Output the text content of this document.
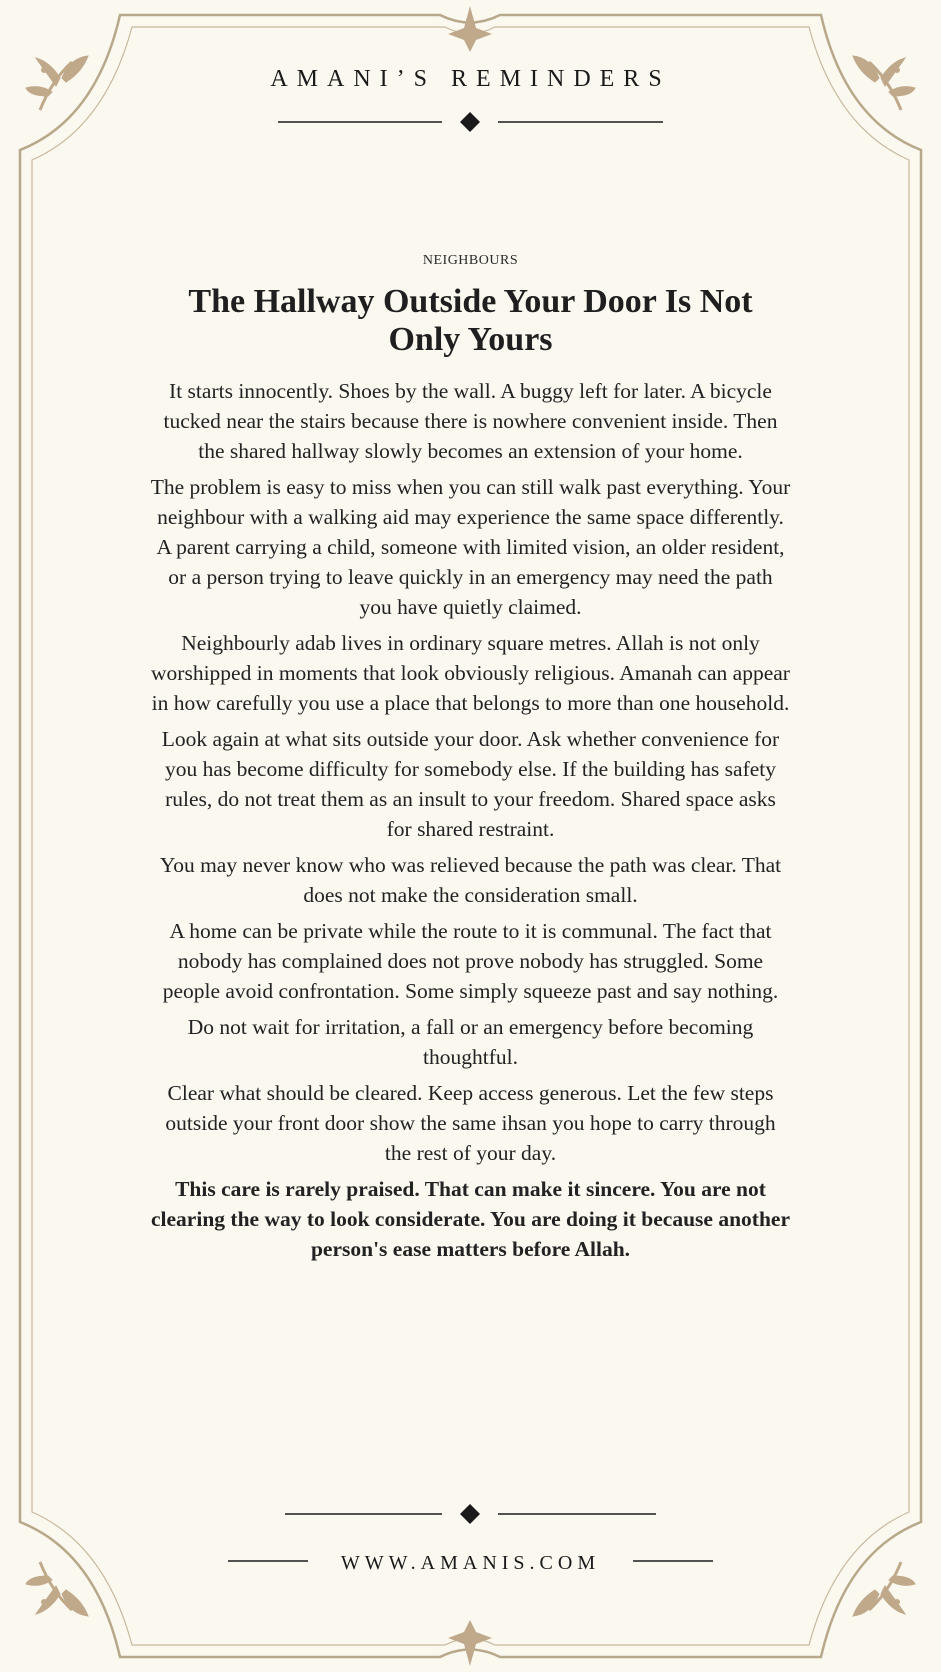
AMANI’S REMINDERS
NEIGHBOURS
The Hallway Outside Your Door Is Not Only Yours

It starts innocently. Shoes by the wall. A buggy left for later. A bicycle tucked near the stairs because there is nowhere convenient inside. Then the shared hallway slowly becomes an extension of your home.

The problem is easy to miss when you can still walk past everything. Your neighbour with a walking aid may experience the same space differently. A parent carrying a child, someone with limited vision, an older resident, or a person trying to leave quickly in an emergency may need the path you have quietly claimed.

Neighbourly adab lives in ordinary square metres. Allah is not only worshipped in moments that look obviously religious. Amanah can appear in how carefully you use a place that belongs to more than one household.

Look again at what sits outside your door. Ask whether convenience for you has become difficulty for somebody else. If the building has safety rules, do not treat them as an insult to your freedom. Shared space asks for shared restraint.

You may never know who was relieved because the path was clear. That does not make the consideration small.

A home can be private while the route to it is communal. The fact that nobody has complained does not prove nobody has struggled. Some people avoid confrontation. Some simply squeeze past and say nothing.

Do not wait for irritation, a fall or an emergency before becoming thoughtful.

Clear what should be cleared. Keep access generous. Let the few steps outside your front door show the same ihsan you hope to carry through the rest of your day.

This care is rarely praised. That can make it sincere. You are not clearing the way to look considerate. You are doing it because another person's ease matters before Allah.

WWW.AMANIS.COM
